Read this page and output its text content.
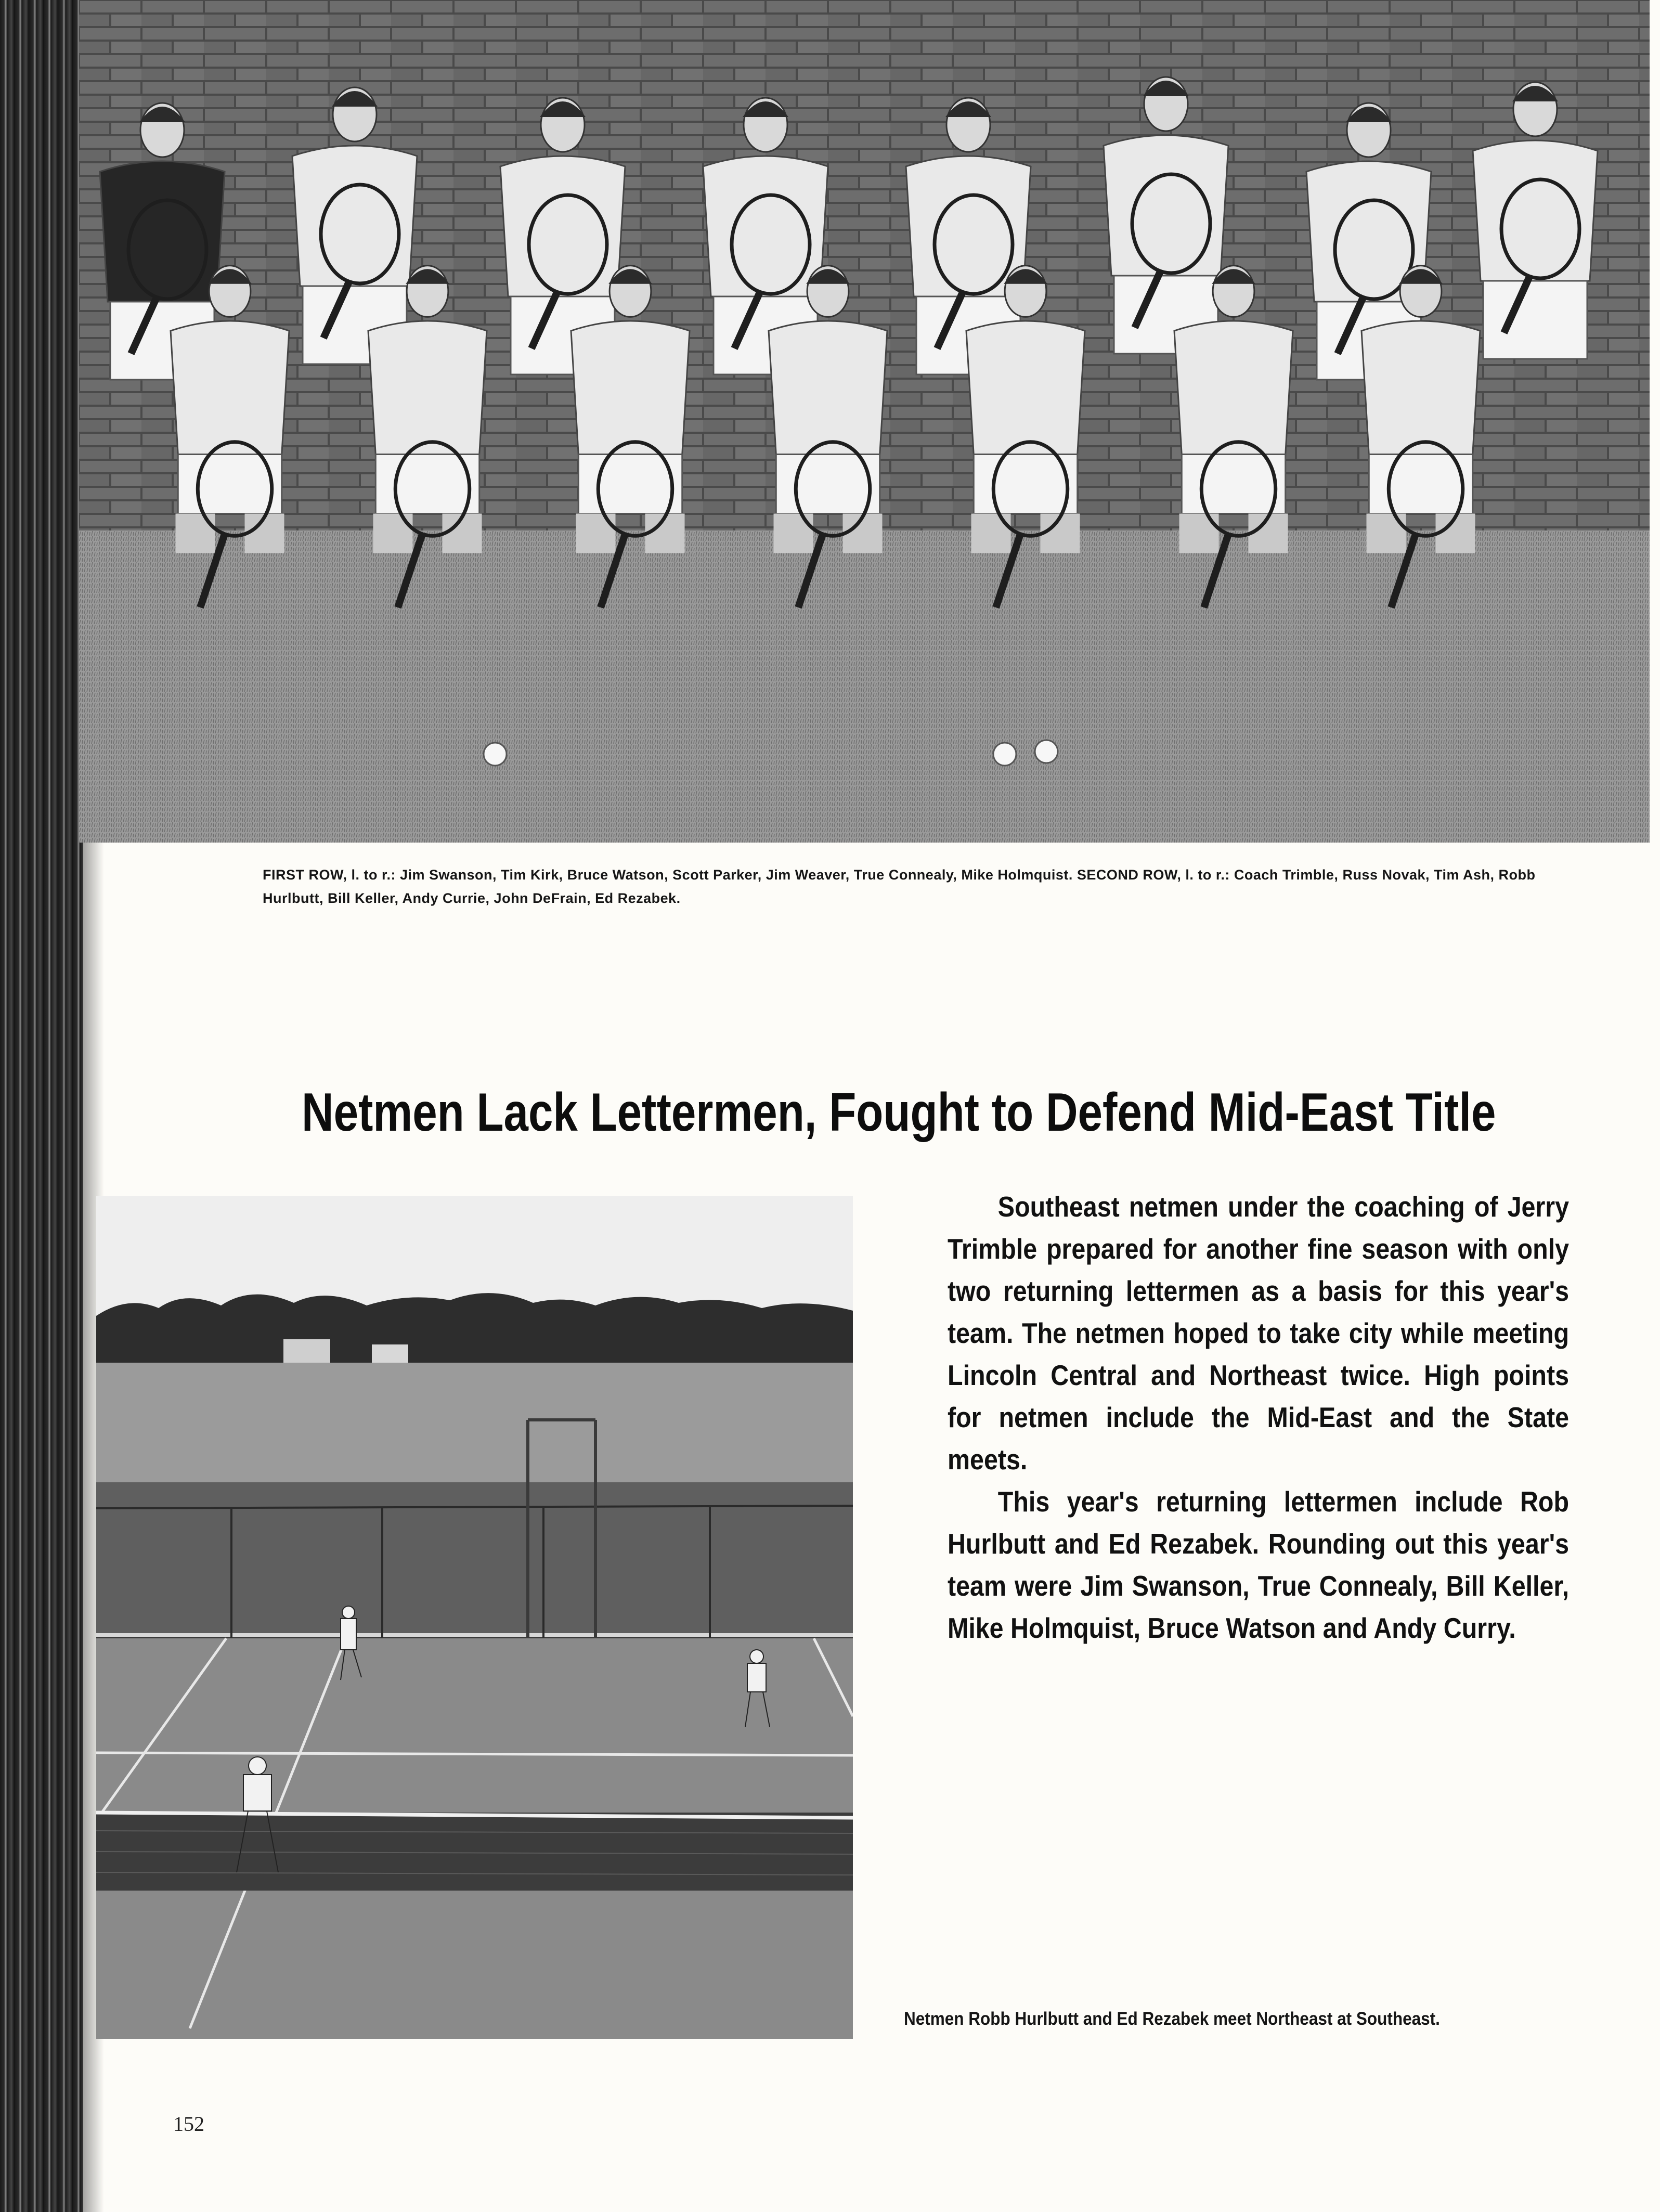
FIRST ROW, l. to r.: Jim Swanson, Tim Kirk, Bruce Watson, Scott Parker, Jim Weaver, True Connealy, Mike Holmquist. SECOND ROW, l. to r.: Coach Trimble, Russ Novak, Tim Ash, Robb Hurlbutt, Bill Keller, Andy Currie, John DeFrain, Ed Rezabek.
Netmen Lack Lettermen, Fought to Defend Mid-East Title

Southeast netmen under the coaching of Jerry Trimble prepared for another fine season with only two returning lettermen as a basis for this year's team. The netmen hoped to take city while meeting Lincoln Central and Northeast twice. High points for netmen include the Mid-East and the State meets.

This year's returning lettermen include Rob Hurlbutt and Ed Rezabek. Rounding out this year's team were Jim Swanson, True Connealy, Bill Keller, Mike Holmquist, Bruce Watson and Andy Curry.

Netmen Robb Hurlbutt and Ed Rezabek meet Northeast at Southeast.
152
